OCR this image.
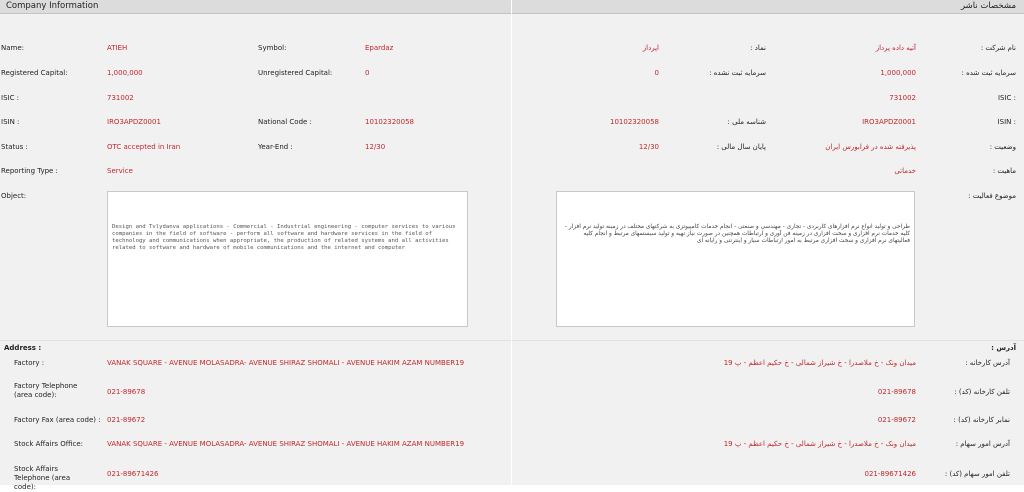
Company Information
Name:	ATIEH	Symbol:	Epardaz
Registered Capital:	1,000,000	Unregistered Capital:	0
ISIC :	731002
ISIN :	IRO3APDZ0001	National Code :	10102320058
Status :	OTC accepted in Iran	Year-End :	12/30
Reporting Type :	Service
Object:
Design and Tvlydanva applications - Commercial - Industrial engineering - computer services to various companies in the field of software - perform all software and hardware services in the field of technology and communications when appropriate, the production of related systems and all activities related to software and hardware of mobile communications and the internet and computer
Address :
Factory :	VANAK SQUARE - AVENUE MOLASADRA- AVENUE SHIRAZ SHOMALI - AVENUE HAKIM AZAM NUMBER19
Factory Telephone (area code):	021-89678
Factory Fax (area code) : 021-89672
Stock Affairs Office:	VANAK SQUARE - AVENUE MOLASADRA- AVENUE SHIRAZ SHOMALI - AVENUE HAKIM AZAM NUMBER19
Stock Affairs Telephone (area code):
021-89671426
مشخصات ناشر
نام شرکت :
آتیه داده پرداز
نماد :
اپرداز
سرمایه ثبت شده :
1,000,000
سرمایه ثبت نشده :
0
ISIC :
731002
ISIN :
IRO3APDZ0001
شناسه ملی :
10102320058
وضعیت :
پذیرفته شده در فرابورس ایران
پایان سال مالی :
12/30
ماهیت :
خدماتی
موضوع فعالیت :
طراحی و تولید انواع نرم افزارهای کاربردی - تجاری - مهندسی و صنعتی - انجام خدمات کامپیوتری به شرکتهای مختلف در زمینه تولید نرم افزار - کلیه خدمات نرم افزاری و سخت افزاری در زمینه فن آوری و ارتباطات همچنین در صورت نیاز تهیه و تولید سیستمهای مرتبط و انجام کلیه فعالیتهای نرم افزاری و سخت افزاری مرتبط به امور ارتباطات سیار و اینترنتی و رایانه ای
آدرس :
آدرس کارخانه :
میدان ونک - خ ملاصدرا - خ شیراز شمالی - خ حکیم اعظم - پ 19
تلفن کارخانه (کد) :
021-89678
نمابر کارخانه (کد) :
021-89672
آدرس امور سهام :
میدان ونک - خ ملاصدرا - خ شیراز شمالی - خ حکیم اعظم - پ 19
تلفن امور سهام (کد) :
021-89671426
